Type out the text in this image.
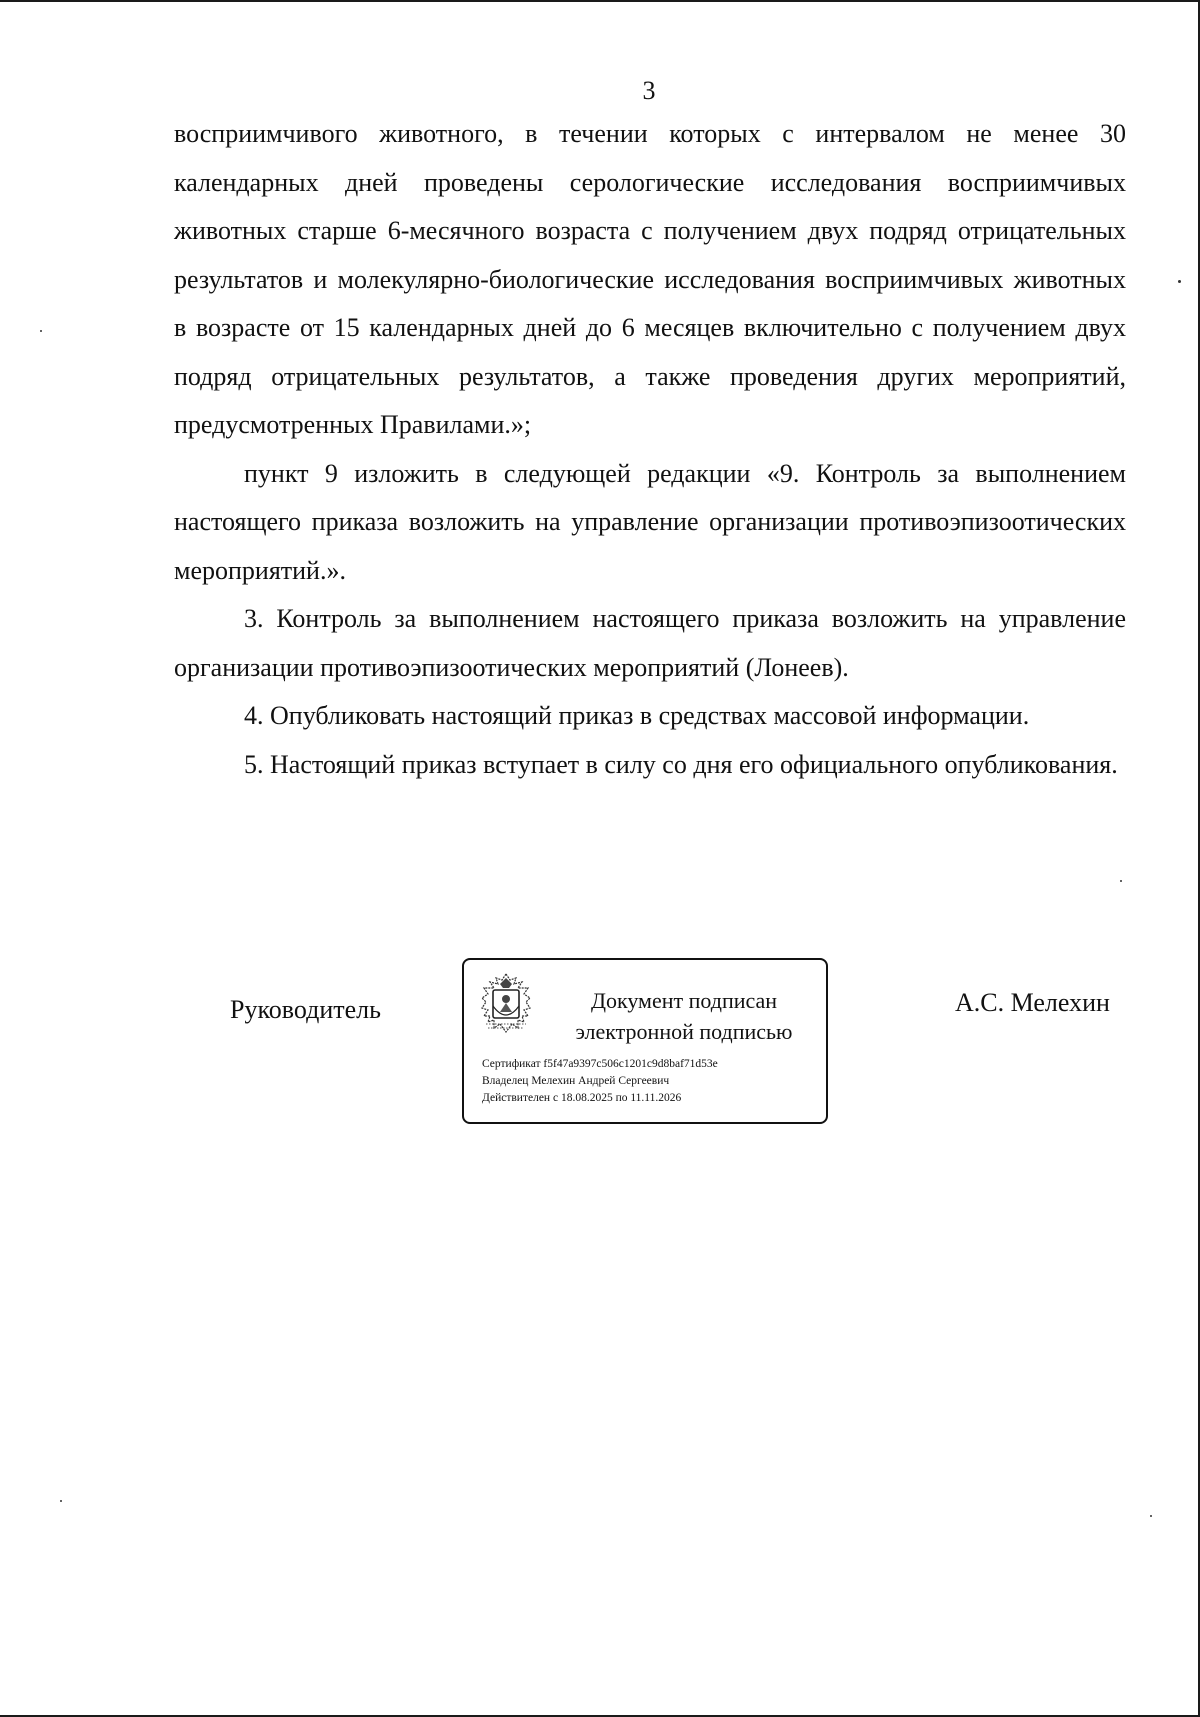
3

восприимчивого животного, в течении которых с интервалом не менее 30 календарных дней проведены серологические исследования восприимчивых животных старше 6-месячного возраста с получением двух подряд отрицательных результатов и молекулярно-биологические исследования восприимчивых животных в возрасте от 15 календарных дней до 6 месяцев включительно с получением двух подряд отрицательных результатов, а также проведения других мероприятий, предусмотренных Правилами.»;

пункт 9 изложить в следующей редакции «9. Контроль за выполнением настоящего приказа возложить на управление организации противоэпизоотических мероприятий.».

3. Контроль за выполнением настоящего приказа возложить на управление организации противоэпизоотических мероприятий (Лонеев).

4. Опубликовать настоящий приказ в средствах массовой информации.

5. Настоящий приказ вступает в силу со дня его официального опубликования.

Руководитель	Документ подписан
электронной подписью
Сертификат f5f47a9397c506c1201c9d8baf71d53e
Владелец Мелехин Андрей Сергеевич
Действителен с 18.08.2025 по 11.11.2026
А.С. Мелехин
